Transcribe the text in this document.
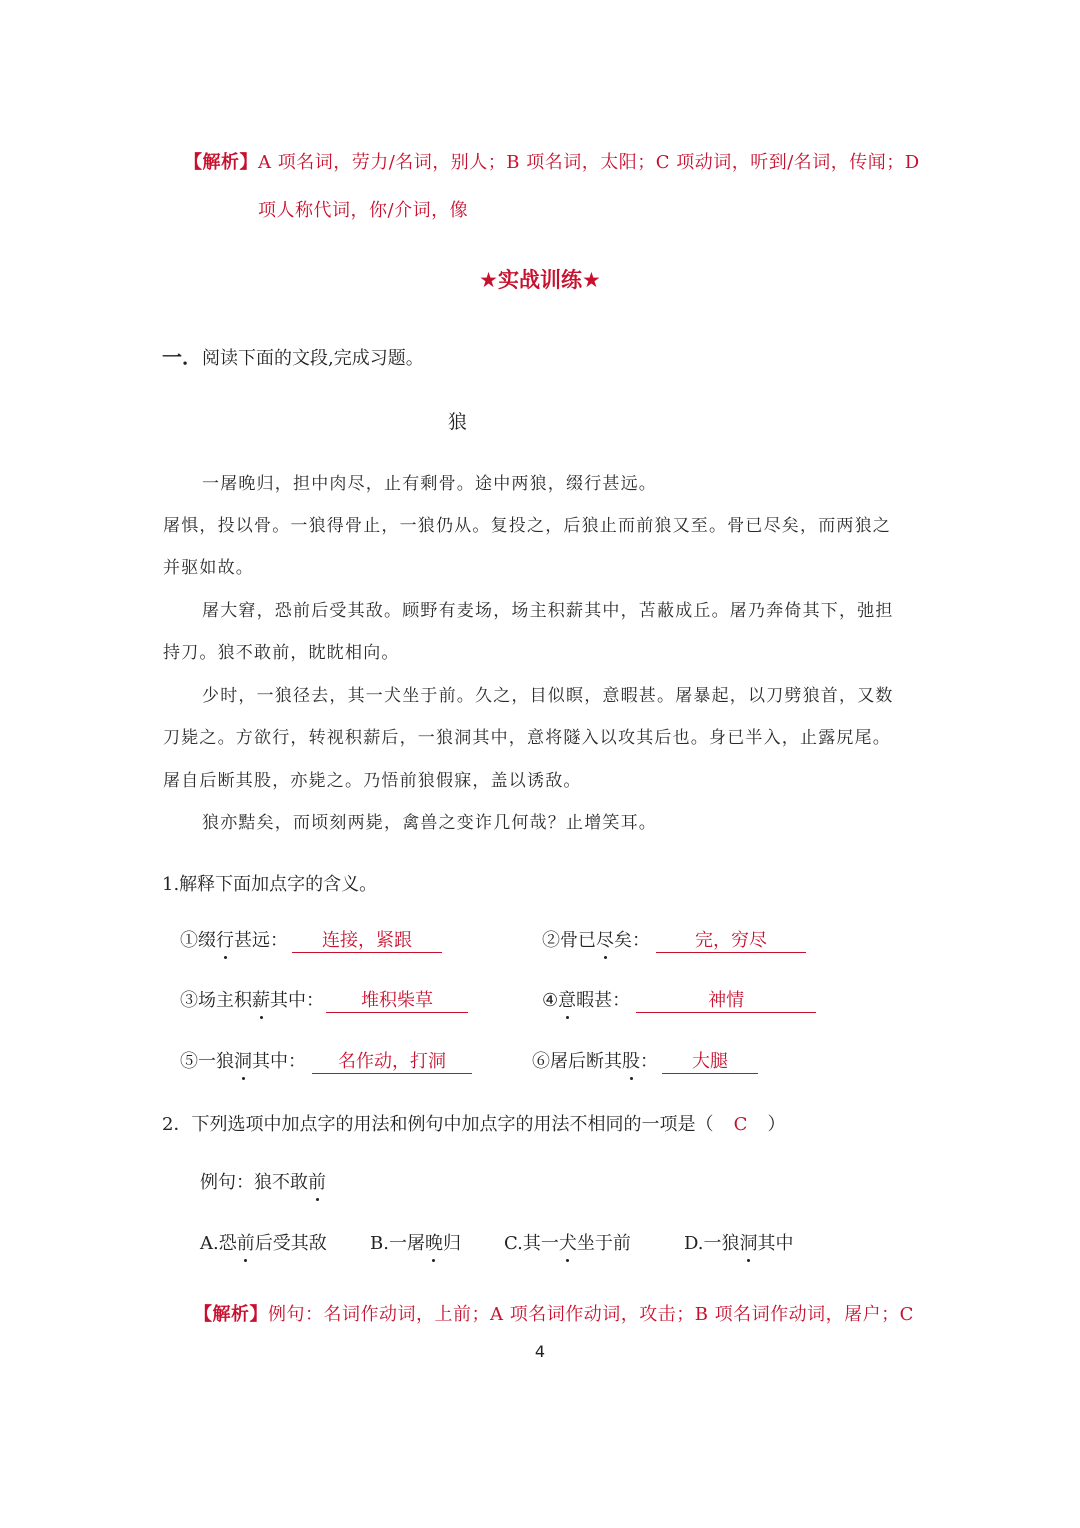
【解析】A 项名词，劳力/名词，别人；B 项名词，太阳；C 项动词，听到/名词，传闻；D
项人称代词，你/介词，像
★实战训练★
一．阅读下面的文段,完成习题。
狼
一屠晚归，担中肉尽，止有剩骨。途中两狼，缀行甚远。
屠惧，投以骨。一狼得骨止，一狼仍从。复投之，后狼止而前狼又至。骨已尽矣，而两狼之
并驱如故。
屠大窘，恐前后受其敌。顾野有麦场，场主积薪其中，苫蔽成丘。屠乃奔倚其下，弛担
持刀。狼不敢前，眈眈相向。
少时，一狼径去，其一犬坐于前。久之，目似瞑，意暇甚。屠暴起，以刀劈狼首，又数
刀毙之。方欲行，转视积薪后，一狼洞其中，意将隧入以攻其后也。身已半入，止露尻尾。
屠自后断其股，亦毙之。乃悟前狼假寐，盖以诱敌。
狼亦黠矣，而顷刻两毙，禽兽之变诈几何哉？止增笑耳。
1.解释下面加点字的含义。
①缀行甚远： 连接，紧跟	②骨已尽矣：	完，穷尽
③场主积薪其中： 堆积柴草	④意暇甚：	神情
⑤一狼洞其中： 名作动，打洞	⑥屠后断其股： 大腿
2．下列选项中加点字的用法和例句中加点字的用法不相同的一项是（ C ）
例句：狼不敢前
A.恐前后受其敌 B.一屠晚归 C.其一犬坐于前	D.一狼洞其中
【解析】例句：名词作动词，上前；A 项名词作动词，攻击；B 项名词作动词，屠户；C
4
